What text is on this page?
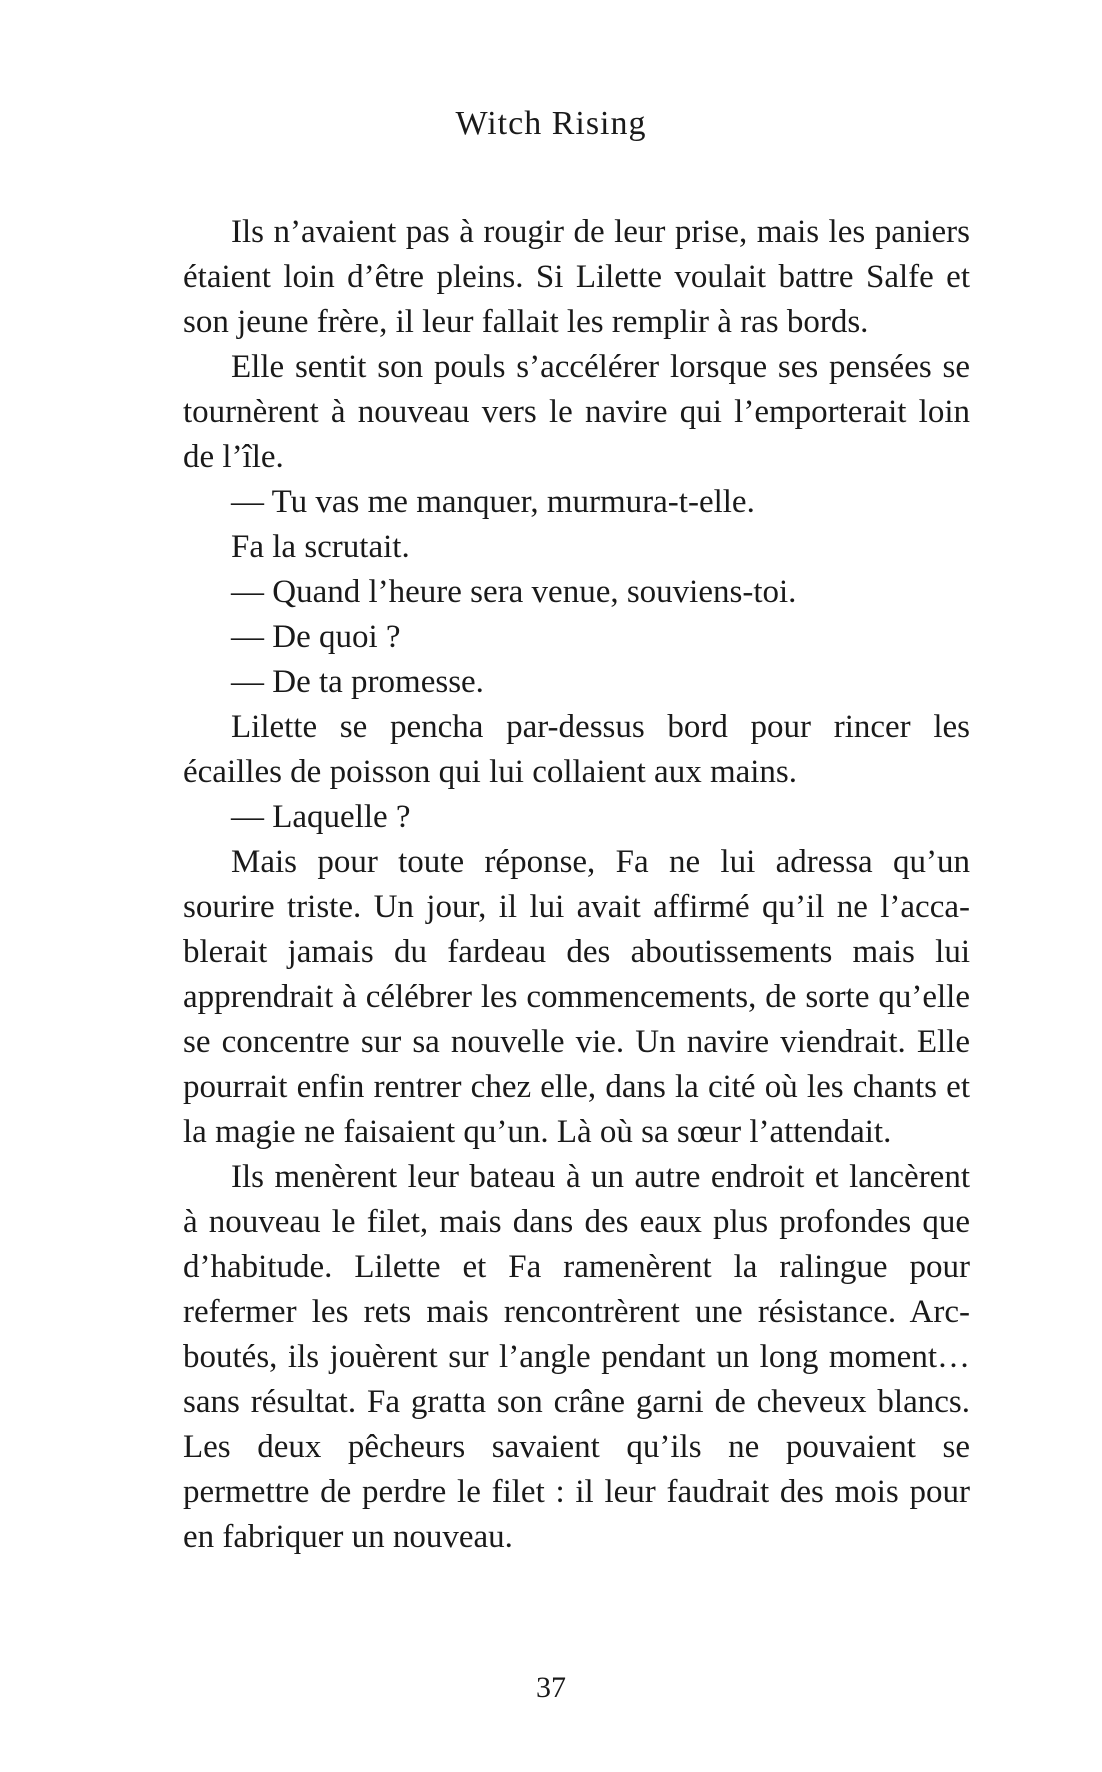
Witch Rising

Ils n’avaient pas à rougir de leur prise, mais les paniers étaient loin d’être pleins. Si Lilette voulait battre Salfe et son jeune frère, il leur fallait les remplir à ras bords.

Elle sentit son pouls s’accélérer lorsque ses pensées se tournèrent à nouveau vers le navire qui l’emporterait loin de l’île.

— Tu vas me manquer, murmura-t-elle.

Fa la scrutait.

— Quand l’heure sera venue, souviens-toi.

— De quoi ?

— De ta promesse.

Lilette se pencha par-dessus bord pour rincer les écailles de poisson qui lui collaient aux mains.

— Laquelle ?

Mais pour toute réponse, Fa ne lui adressa qu’un sourire triste. Un jour, il lui avait affirmé qu’il ne l’accablerait jamais du fardeau des aboutissements mais lui apprendrait à célébrer les commencements, de sorte qu’elle se concentre sur sa nouvelle vie. Un navire viendrait. Elle pourrait enfin rentrer chez elle, dans la cité où les chants et la magie ne faisaient qu’un. Là où sa sœur l’attendait.

Ils menèrent leur bateau à un autre endroit et lancèrent à nouveau le filet, mais dans des eaux plus profondes que d’habitude. Lilette et Fa ramenèrent la ralingue pour refermer les rets mais rencontrèrent une résistance. Arc-boutés, ils jouèrent sur l’angle pendant un long moment… sans résultat. Fa gratta son crâne garni de cheveux blancs. Les deux pêcheurs savaient qu’ils ne pouvaient se permettre de perdre le filet : il leur faudrait des mois pour en fabriquer un nouveau.

37
